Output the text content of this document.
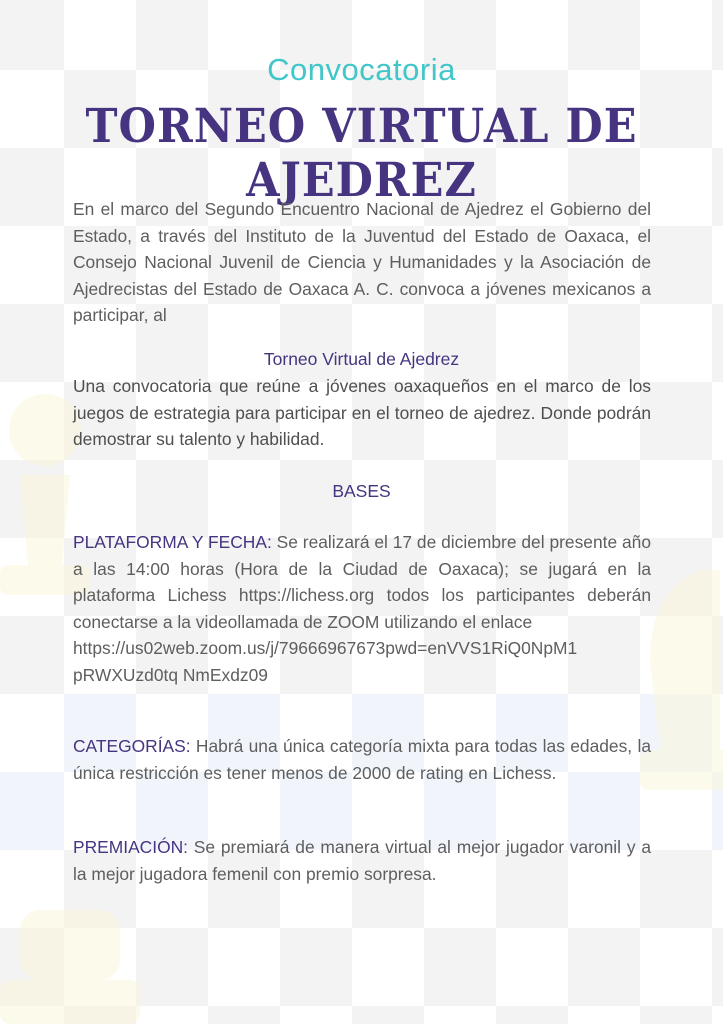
Convocatoria
TORNEO VIRTUAL DE AJEDREZ

En el marco del Segundo Encuentro Nacional de Ajedrez el Gobierno del Estado, a través del Instituto de la Juventud del Estado de Oaxaca, el Consejo Nacional Juvenil de Ciencia y Humanidades y la Asociación de Ajedrecistas del Estado de Oaxaca A. C. convoca a jóvenes mexicanos a participar, al

Torneo Virtual de Ajedrez

Una convocatoria que reúne a jóvenes oaxaqueños en el marco de los juegos de estrategia para participar en el torneo de ajedrez. Donde podrán demostrar su talento y habilidad.

BASES

PLATAFORMA Y FECHA: Se realizará el 17 de diciembre del presente año a las 14:00 horas (Hora de la Ciudad de Oaxaca); se jugará en la plataforma Lichess https://lichess.org todos los participantes deberán conectarse a la videollamada de ZOOM utilizando el enlace
https://us02web.zoom.us/j/79666967673pwd=enVVS1RiQ0NpM1
pRWXUzd0tq NmExdz09

CATEGORÍAS: Habrá una única categoría mixta para todas las edades, la única restricción es tener menos de 2000 de rating en Lichess.

PREMIACIÓN: Se premiará de manera virtual al mejor jugador varonil y a la mejor jugadora femenil con premio sorpresa.
